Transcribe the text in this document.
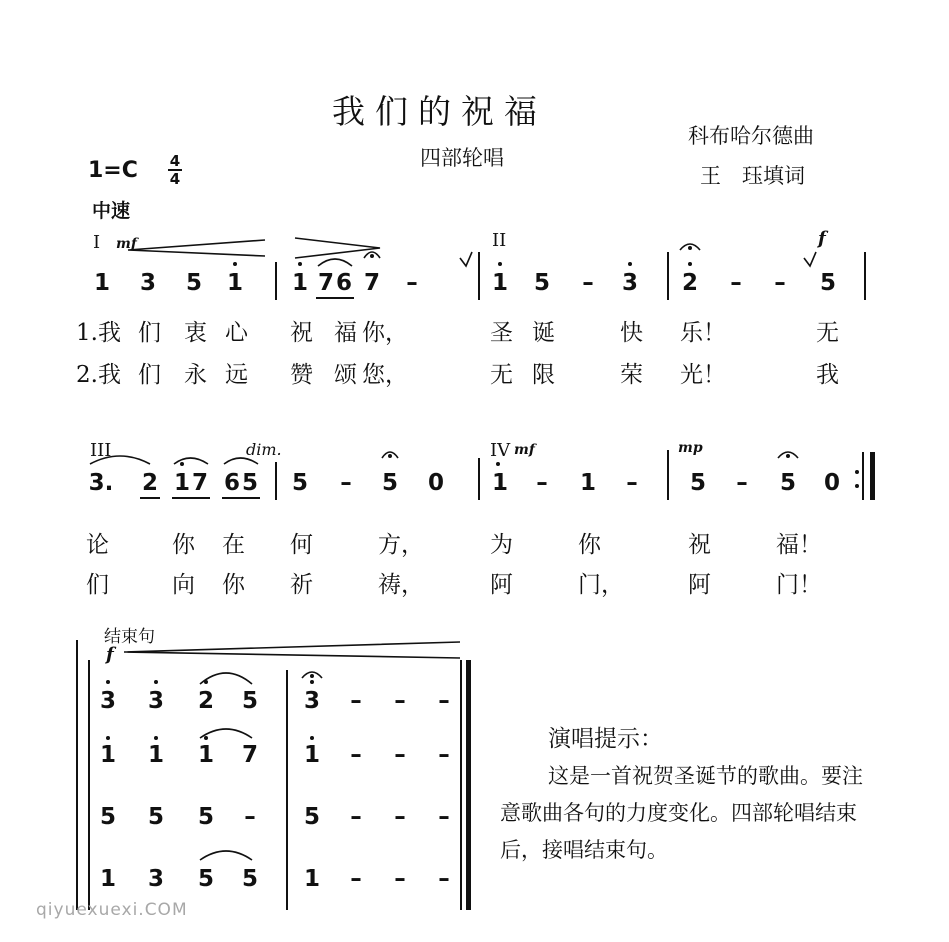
我们的祝福
四部轮唱
科布哈尔德曲
王　珏填词
1=C 4
4
中速
I mf	II	f
1 3 5 1 1 7 6 7 –	1 5 – 3 2 – – 5
1.我 们 衷 心 祝 福 你，	圣 诞	快 乐！	无
2.我 们 永 远 赞 颂 您，	无 限	荣 光！	我
III	dim.	IV mf	mp
3. 2 1 7 6 5 5 – 5 0 1 – 1 – 5 – 5 0
论	你 在 何	方，	为	你	祝	福！
们	向 你 祈	祷，	阿	门，	阿	门！
结束句
f
3 3 2 5 3 – – –
1 1 1 7 1 – – –
5 5 5 – 5 – – –
1 3 5 5 1 – – –
演唱提示：
这是一首祝贺圣诞节的歌曲。要注意歌曲各句的力度变化。四部轮唱结束后，接唱结束句。
qiyuexuexi.COM
